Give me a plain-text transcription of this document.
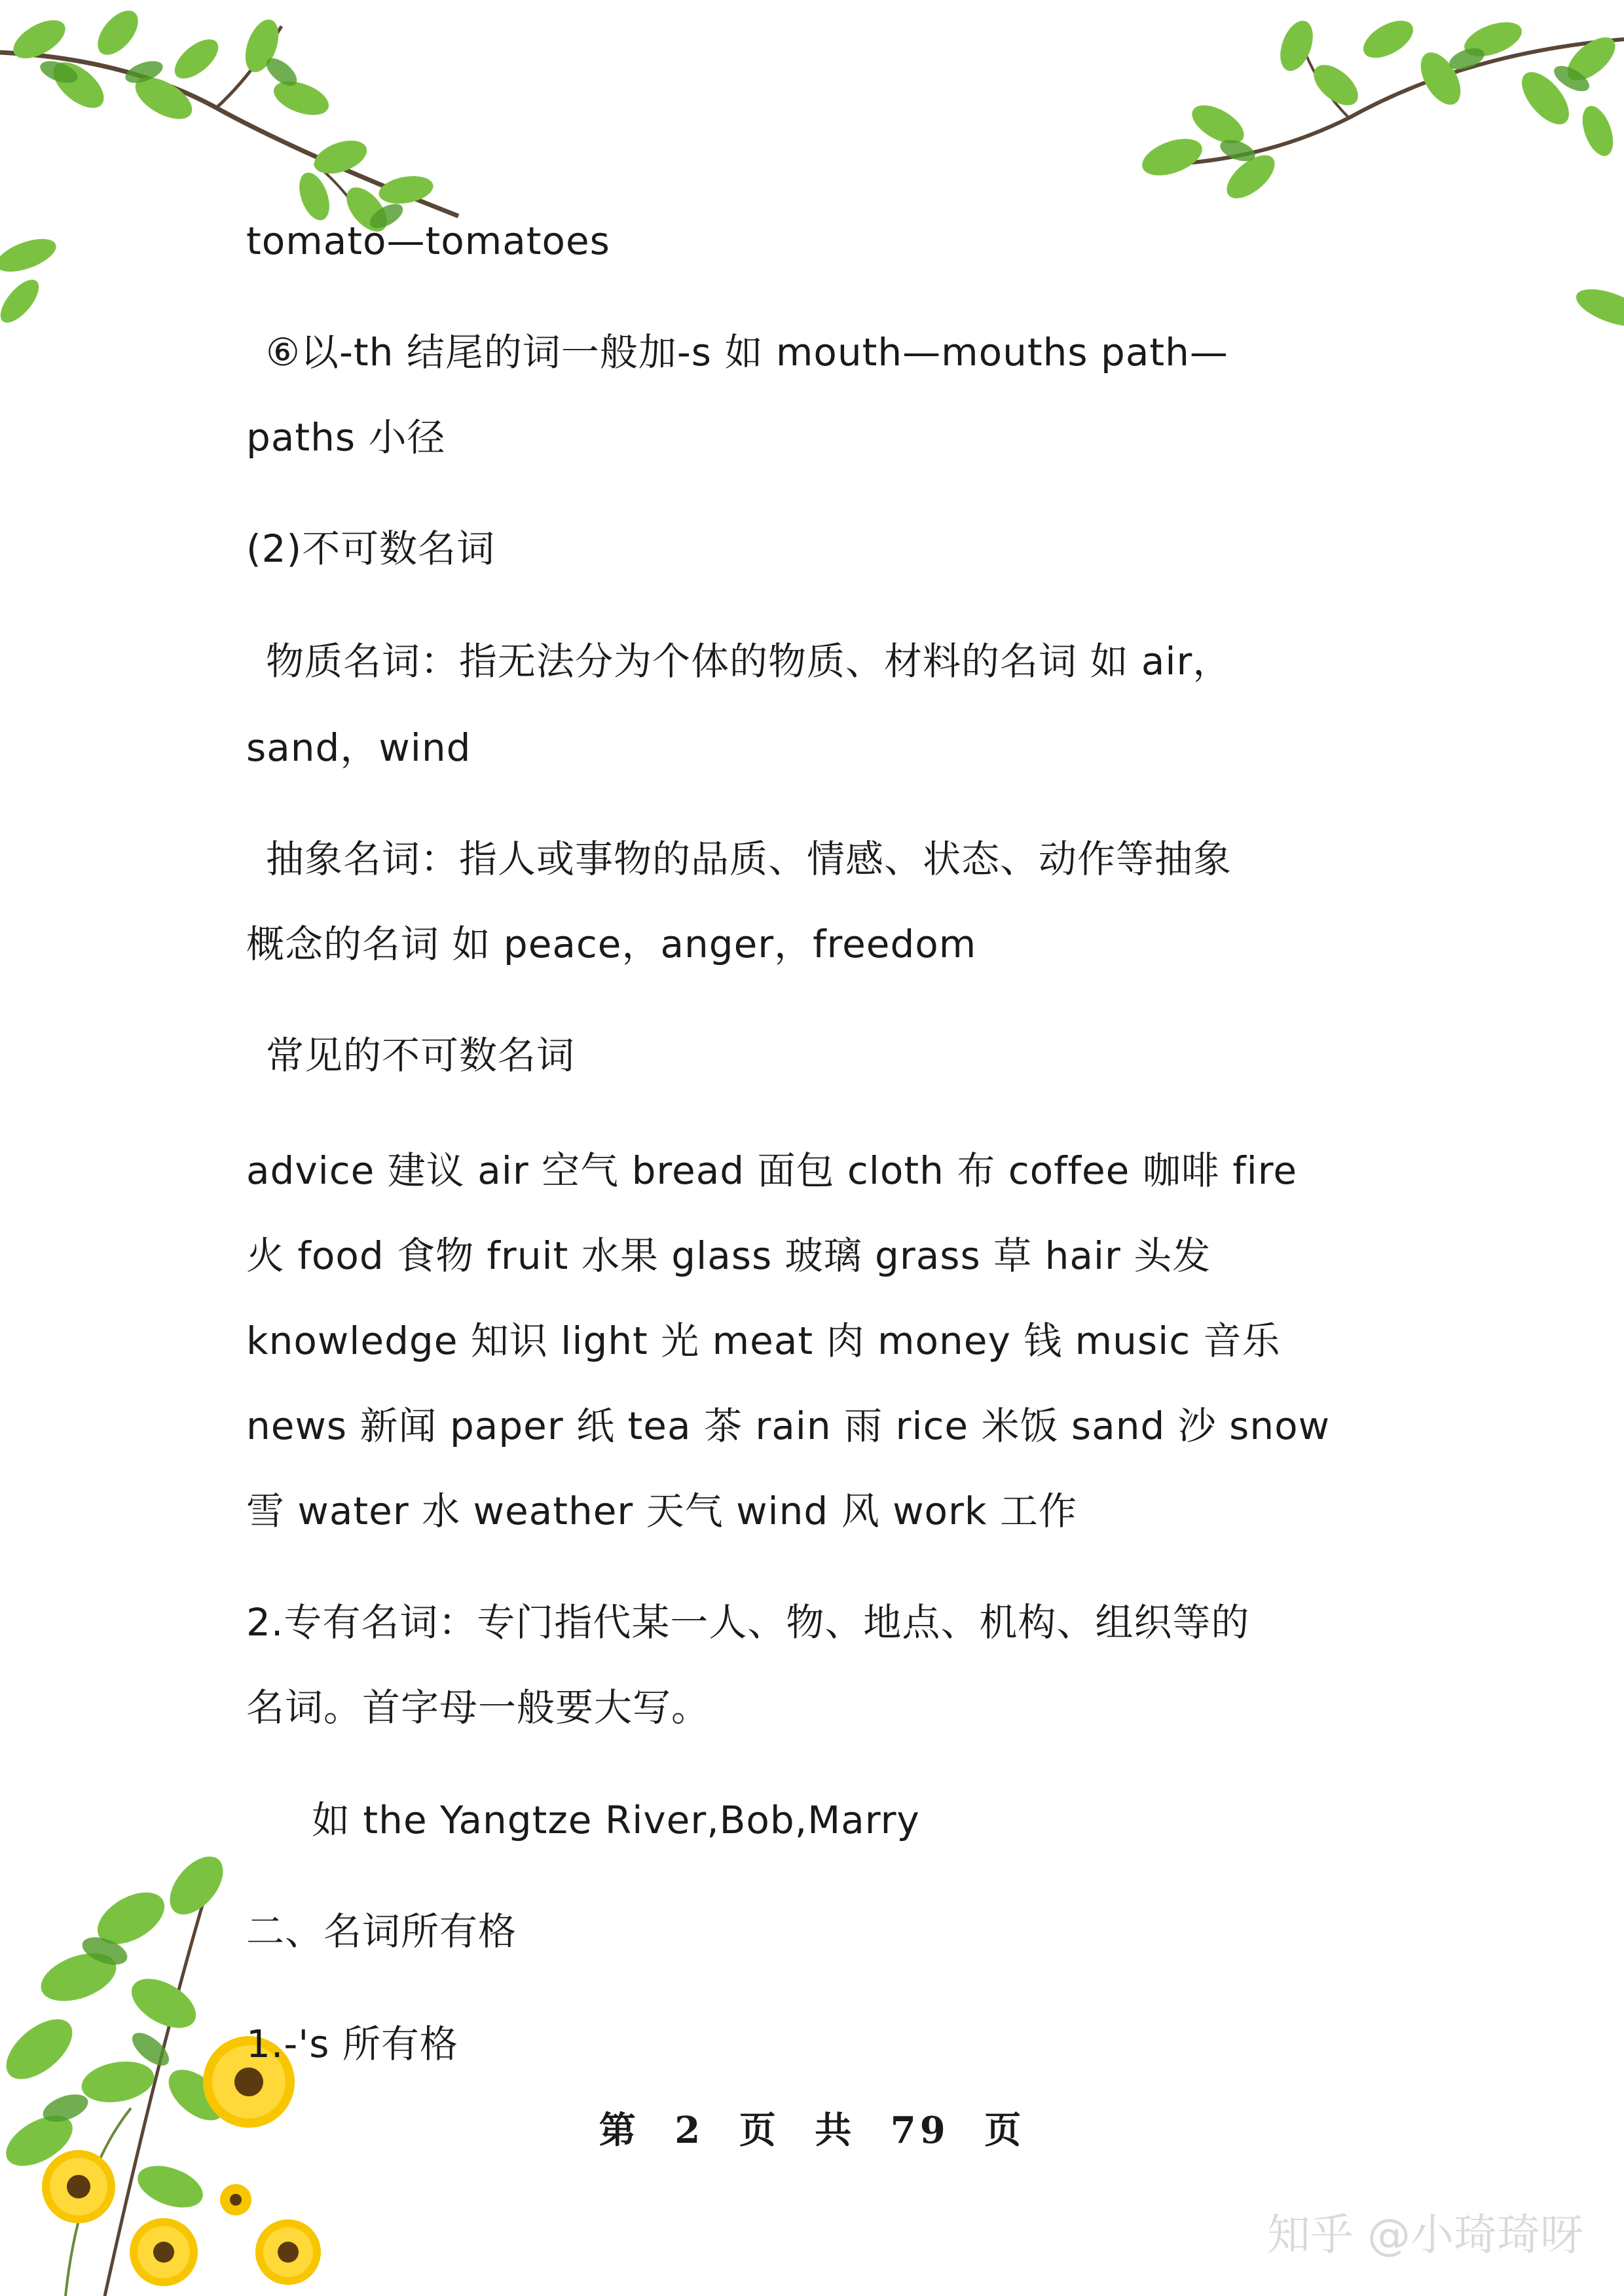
tomato—tomatoes
⑥以-th 结尾的词一般加-s 如 mouth—mouths path—
paths 小径
(2)不可数名词
物质名词：指无法分为个体的物质、材料的名词 如 air，
sand，wind
抽象名词：指人或事物的品质、情感、状态、动作等抽象
概念的名词 如 peace，anger，freedom
常见的不可数名词
advice 建议 air 空气 bread 面包 cloth 布 coffee 咖啡 fire
火 food 食物 fruit 水果 glass 玻璃 grass 草 hair 头发
knowledge 知识 light 光 meat 肉 money 钱 music 音乐
news 新闻 paper 纸 tea 茶 rain 雨 rice 米饭 sand 沙 snow
雪 water 水 weather 天气 wind 风 work 工作
2.专有名词：专门指代某一人、物、地点、机构、组织等的
名词。首字母一般要大写。
如 the Yangtze River,Bob,Marry
二、名词所有格
1.-'s 所有格
第 2 页 共 79 页
知乎 @小琦琦呀
